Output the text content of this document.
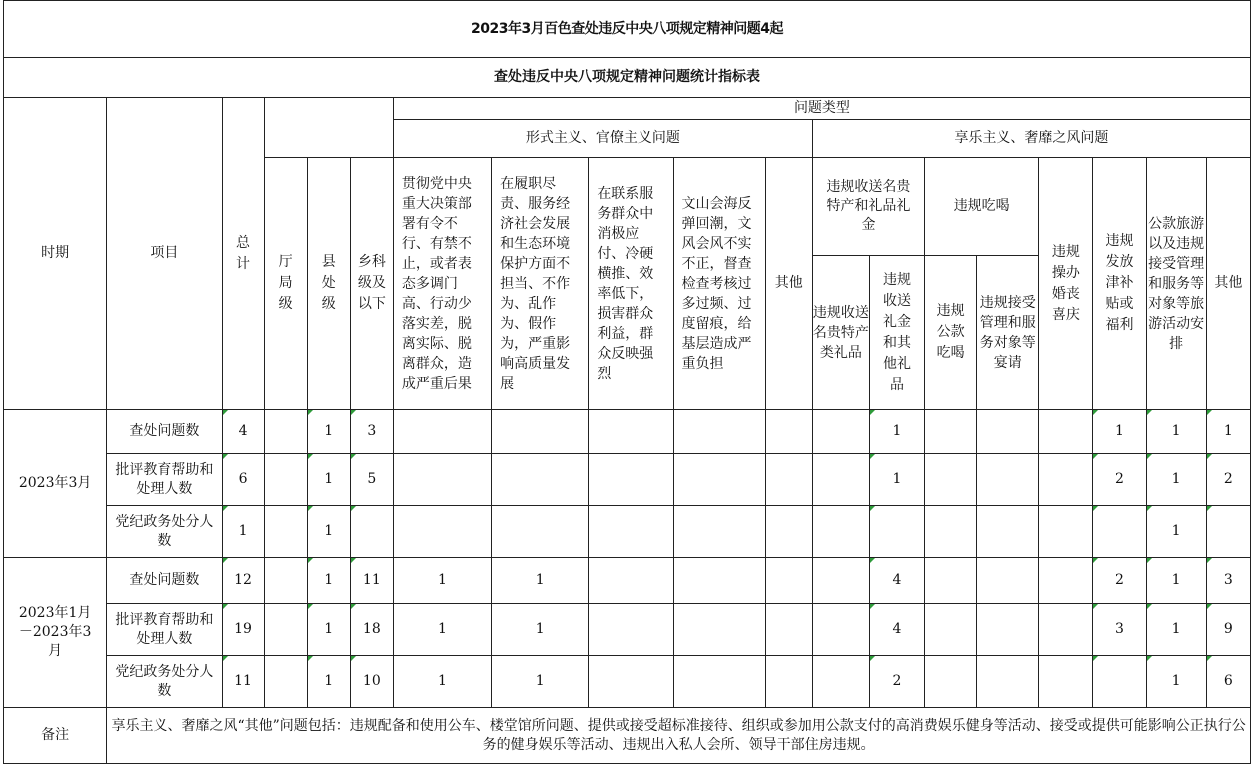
2023年3月百色查处违反中央八项规定精神问题4起																		
查处违反中央八项规定精神问题统计指标表																		
时期	项目	总计				问题类型												
						形式主义、官僚主义问题					享乐主义、奢靡之风问题							

			厅局级	县处级	乡科级及以下	贯彻党中央重大决策部署有令不行、有禁不止，或者表态多调门高、行动少落实差，脱离实际、脱离群众，造成严重后果	在履职尽责、服务经济社会发展和生态环境保护方面不担当、不作为、乱作为、假作为，严重影响高质量发展	在联系服务群众中消极应付、冷硬横推、效率低下，损害群众利益，群众反映强烈	文山会海反弹回潮，文风会风不实不正，督查检查考核过多过频、过度留痕，给基层造成严重负担	其他	违规收送名贵特产和礼品礼金		违规吃喝		违规操办婚丧喜庆	违规发放津补贴或福利	公款旅游以及违规接受管理和服务等对象等旅游活动安排	其他

											违规收送名贵特产类礼品	违规收送礼金和其他礼品	违规公款吃喝	违规接受管理和服务对象等宴请				

2023年3月	查处问题数	4		1	3							1				1	1	1

	批评教育帮助和处理人数	6		1	5							1				2	1	2

	党纪政务处分人数	1		1													1	
2023年1月－2023年3月	查处问题数	12		1	11	1	1					4				2	1	3

	批评教育帮助和处理人数	19		1	18	1	1					4				3	1	9

	党纪政务处分人数	11		1	10	1	1					2					1	6
备注	享乐主义、奢靡之风“其他”问题包括：违规配备和使用公车、楼堂馆所问题、提供或接受超标准接待、组织或参加用公款支付的高消费娱乐健身等活动、接受或提供可能影响公正执行公务的健身娱乐等活动、违规出入私人会所、领导干部住房违规。																	
